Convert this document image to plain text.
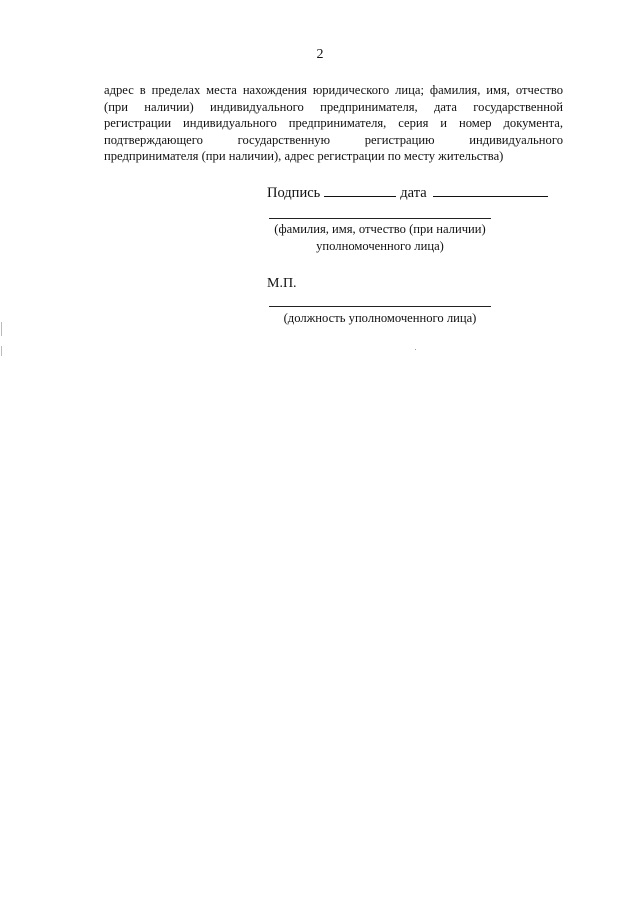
2

адрес в пределах места нахождения юридического лица; фамилия, имя, отчество (при наличии) индивидуального предпринимателя, дата государственной регистрации индивидуального предпринимателя, серия и номер документа, подтверждающего государственную регистрацию индивидуального предпринимателя (при наличии), адрес регистрации по месту жительства)

Подпись	дата
(фамилия, имя, отчество (при наличии)
уполномоченного лица)
М.П.
(должность уполномоченного лица)
